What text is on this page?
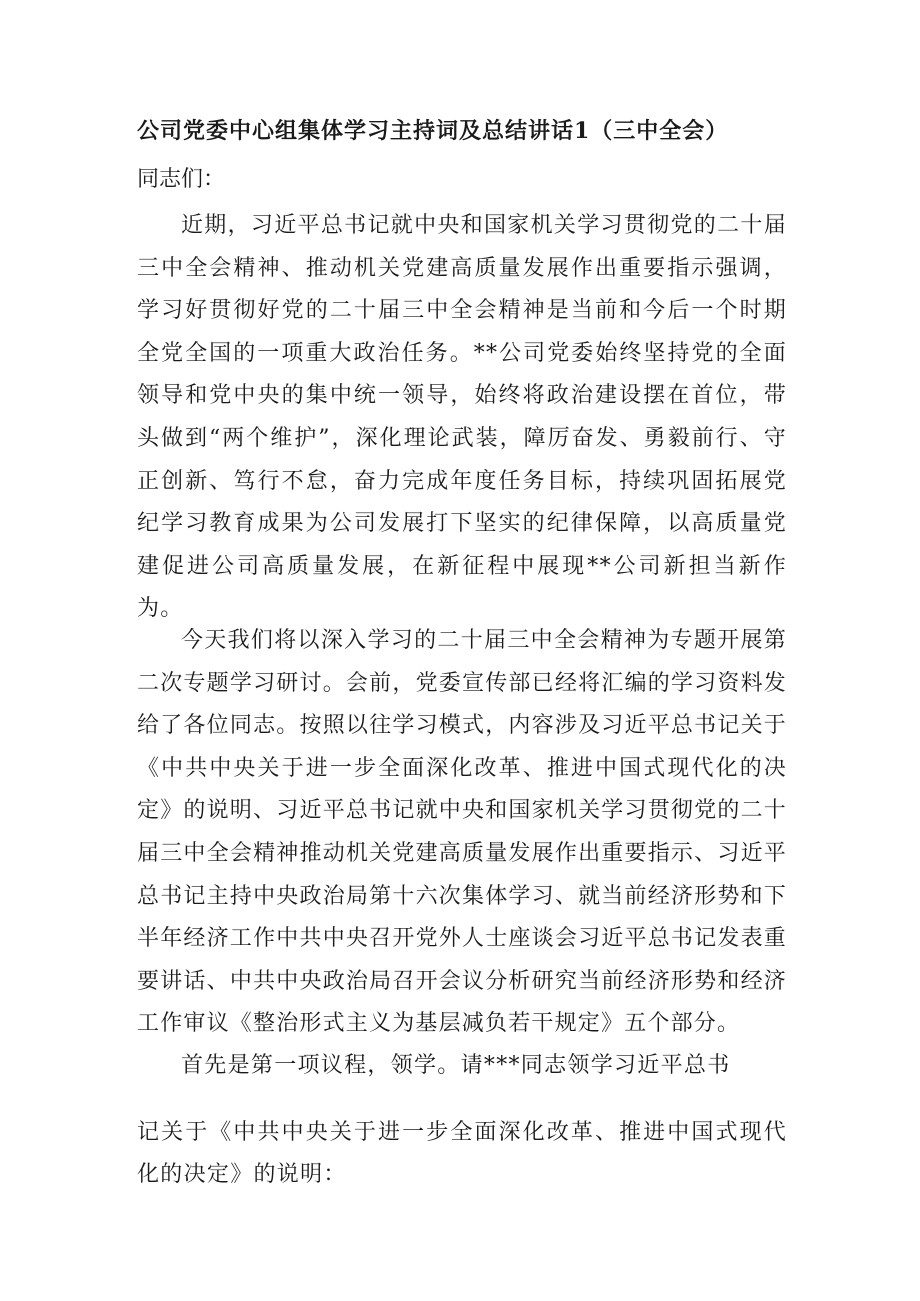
公司党委中心组集体学习主持词及总结讲话1（三中全会）
同志们：

近期，习近平总书记就中央和国家机关学习贯彻党的二十届三中全会精神、推动机关党建高质量发展作出重要指示强调，学习好贯彻好党的二十届三中全会精神是当前和今后一个时期全党全国的一项重大政治任务。**公司党委始终坚持党的全面领导和党中央的集中统一领导，始终将政治建设摆在首位，带头做到“两个维护”，深化理论武装，障厉奋发、勇毅前行、守正创新、笃行不怠，奋力完成年度任务目标，持续巩固拓展党纪学习教育成果为公司发展打下坚实的纪律保障，以高质量党建促进公司高质量发展，在新征程中展现**公司新担当新作为。

今天我们将以深入学习的二十届三中全会精神为专题开展第二次专题学习研讨。会前，党委宣传部已经将汇编的学习资料发给了各位同志。按照以往学习模式，内容涉及习近平总书记关于《中共中央关于进一步全面深化改革、推进中国式现代化的决定》的说明、习近平总书记就中央和国家机关学习贯彻党的二十届三中全会精神推动机关党建高质量发展作出重要指示、习近平总书记主持中央政治局第十六次集体学习、就当前经济形势和下半年经济工作中共中央召开党外人士座谈会习近平总书记发表重要讲话、中共中央政治局召开会议分析研究当前经济形势和经济工作审议《整治形式主义为基层减负若干规定》五个部分。

首先是第一项议程，领学。请***同志领学习近平总书

记关于《中共中央关于进一步全面深化改革、推进中国式现代化的决定》的说明：
